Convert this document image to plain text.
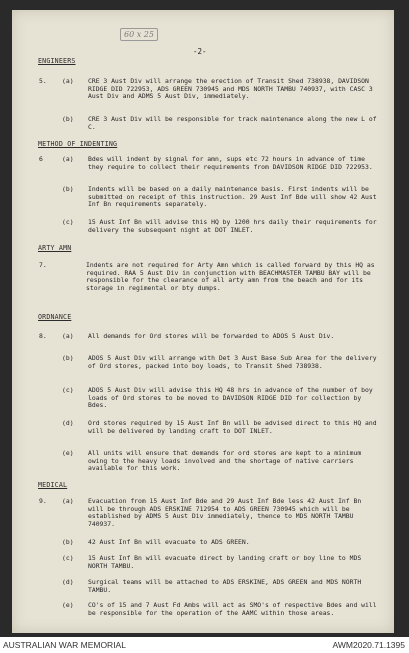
60 x 25
-2-
ENGINEERS
5. (a) CRE 3 Aust Div will arrange the erection of Transit Shed 738938, DAVIDSON RIDGE DID 722953, ADS GREEN 730945 and MDS NORTH TAMBU 740937, with CASC 3 Aust Div and ADMS 5 Aust Div, immediately.
(b) CRE 3 Aust Div will be responsible for track maintenance along the new L of C.
METHOD OF INDENTING
6	(a) Bdes will indent by signal for amn, sups etc 72 hours in advance of time they require to collect their requirements from DAVIDSON RIDGE DID 722953.
(b) Indents will be based on a daily maintenance basis. First indents will be submitted on receipt of this instruction. 29 Aust Inf Bde will show 42 Aust Inf Bn requirements separately.
(c) 15 Aust Inf Bn will advise this HQ by 1200 hrs daily their requirements for delivery the subsequent night at DOT INLET.
ARTY AMN
7.	Indents are not required for Arty Amn which is called forward by this HQ as required. RAA 5 Aust Div in conjunction with BEACHMASTER TAMBU BAY will be responsible for the clearance of all arty amn from the beach and for its storage in regimental or bty dumps.
ORDNANCE
8. (a) All demands for Ord stores will be forwarded to ADOS 5 Aust Div.
(b) ADOS 5 Aust Div will arrange with Det 3 Aust Base Sub Area for the delivery of Ord stores, packed into boy loads, to Transit Shed 738938.
(c) ADOS 5 Aust Div will advise this HQ 48 hrs in advance of the number of boy loads of Ord stores to be moved to DAVIDSON RIDGE DID for collection by Bdes.
(d) Ord stores required by 15 Aust Inf Bn will be advised direct to this HQ and will be delivered by landing craft to DOT INLET.
(e) All units will ensure that demands for ord stores are kept to a minimum owing to the heavy loads involved and the shortage of native carriers available for this work.
MEDICAL
9. (a) Evacuation from 15 Aust Inf Bde and 29 Aust Inf Bde less 42 Aust Inf Bn will be through ADS ERSKINE 712954 to ADS GREEN 730945 which will be established by ADMS 5 Aust Div immediately, thence to MDS NORTH TAMBU 740937.
(b) 42 Aust Inf Bn will evacuate to ADS GREEN.
(c) 15 Aust Inf Bn will evacuate direct by landing craft or boy line to MDS NORTH TAMBU.
(d) Surgical teams will be attached to ADS ERSKINE, ADS GREEN and MDS NORTH TAMBU.
(e) CO's of 15 and 7 Aust Fd Ambs will act as SMO's of respective Bdes and will be responsible for the operation of the AAMC within those areas.
AUSTRALIAN WAR MEMORIAL	AWM2020.71.1395
